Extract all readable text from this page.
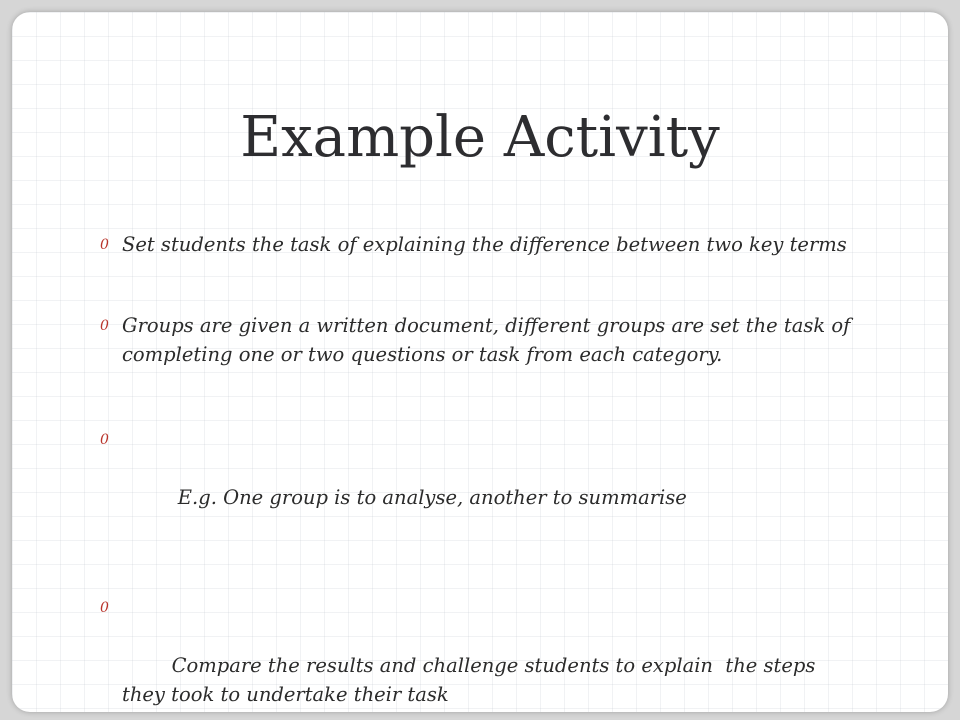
Example Activity
0 Set students the task of explaining the difference between two key terms
0 Groups are given a written document, different groups are set the task of completing one or two questions or task from each category.

0

E.g. One group is to analyse, another to summarise

0

Compare the results and challenge students to explain  the steps they took to undertake their task
